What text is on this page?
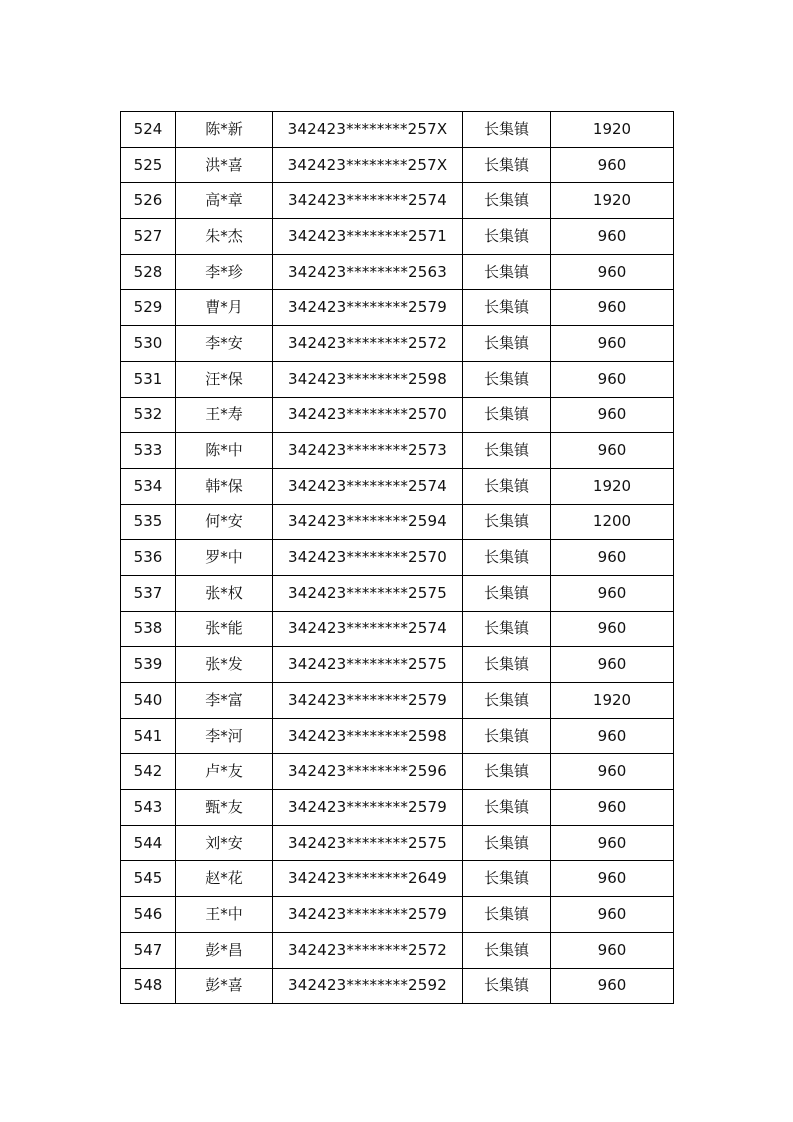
524	陈*新	342423********257X	长集镇	1920
525	洪*喜	342423********257X	长集镇	960
526	高*章	342423********2574	长集镇	1920
527	朱*杰	342423********2571	长集镇	960
528	李*珍	342423********2563	长集镇	960
529	曹*月	342423********2579	长集镇	960
530	李*安	342423********2572	长集镇	960
531	汪*保	342423********2598	长集镇	960
532	王*寿	342423********2570	长集镇	960
533	陈*中	342423********2573	长集镇	960
534	韩*保	342423********2574	长集镇	1920
535	何*安	342423********2594	长集镇	1200
536	罗*中	342423********2570	长集镇	960
537	张*权	342423********2575	长集镇	960
538	张*能	342423********2574	长集镇	960
539	张*发	342423********2575	长集镇	960
540	李*富	342423********2579	长集镇	1920
541	李*河	342423********2598	长集镇	960
542	卢*友	342423********2596	长集镇	960
543	甄*友	342423********2579	长集镇	960
544	刘*安	342423********2575	长集镇	960
545	赵*花	342423********2649	长集镇	960
546	王*中	342423********2579	长集镇	960
547	彭*昌	342423********2572	长集镇	960
548	彭*喜	342423********2592	长集镇	960
